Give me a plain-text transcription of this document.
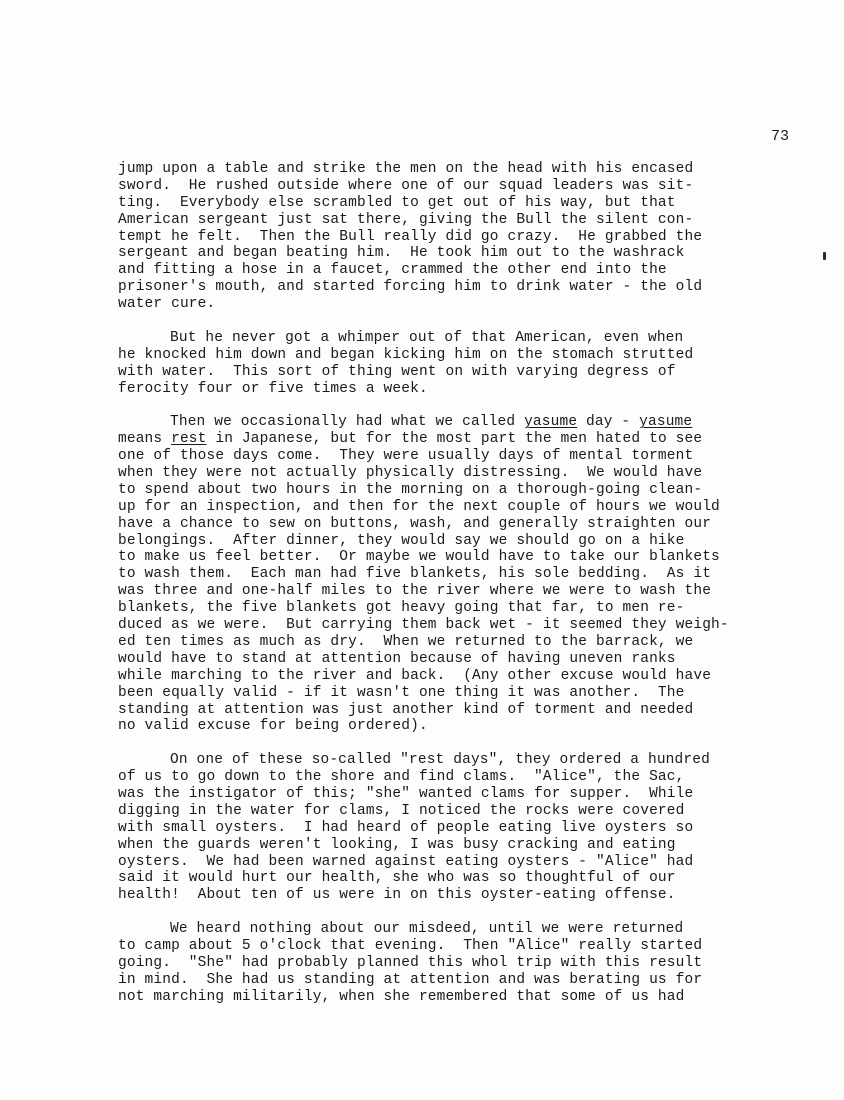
73
jump upon a table and strike the men on the head with his encased
sword.  He rushed outside where one of our squad leaders was sit-
ting.  Everybody else scrambled to get out of his way, but that
American sergeant just sat there, giving the Bull the silent con-
tempt he felt.  Then the Bull really did go crazy.  He grabbed the
sergeant and began beating him.  He took him out to the washrack
and fitting a hose in a faucet, crammed the other end into the
prisoner's mouth, and started forcing him to drink water - the old
water cure.
But he never got a whimper out of that American, even when
he knocked him down and began kicking him on the stomach strutted
with water.  This sort of thing went on with varying degress of
ferocity four or five times a week.
Then we occasionally had what we called yasume day - yasume
means rest in Japanese, but for the most part the men hated to see
one of those days come.  They were usually days of mental torment
when they were not actually physically distressing.  We would have
to spend about two hours in the morning on a thorough-going clean-
up for an inspection, and then for the next couple of hours we would
have a chance to sew on buttons, wash, and generally straighten our
belongings.  After dinner, they would say we should go on a hike
to make us feel better.  Or maybe we would have to take our blankets
to wash them.  Each man had five blankets, his sole bedding.  As it
was three and one-half miles to the river where we were to wash the
blankets, the five blankets got heavy going that far, to men re-
duced as we were.  But carrying them back wet - it seemed they weigh-
ed ten times as much as dry.  When we returned to the barrack, we
would have to stand at attention because of having uneven ranks
while marching to the river and back.  (Any other excuse would have
been equally valid - if it wasn't one thing it was another.  The
standing at attention was just another kind of torment and needed
no valid excuse for being ordered).
On one of these so-called "rest days", they ordered a hundred
of us to go down to the shore and find clams.  "Alice", the Sac,
was the instigator of this; "she" wanted clams for supper.  While
digging in the water for clams, I noticed the rocks were covered
with small oysters.  I had heard of people eating live oysters so
when the guards weren't looking, I was busy cracking and eating
oysters.  We had been warned against eating oysters - "Alice" had
said it would hurt our health, she who was so thoughtful of our
health!  About ten of us were in on this oyster-eating offense.
We heard nothing about our misdeed, until we were returned
to camp about 5 o'clock that evening.  Then "Alice" really started
going.  "She" had probably planned this whol trip with this result
in mind.  She had us standing at attention and was berating us for
not marching militarily, when she remembered that some of us had
